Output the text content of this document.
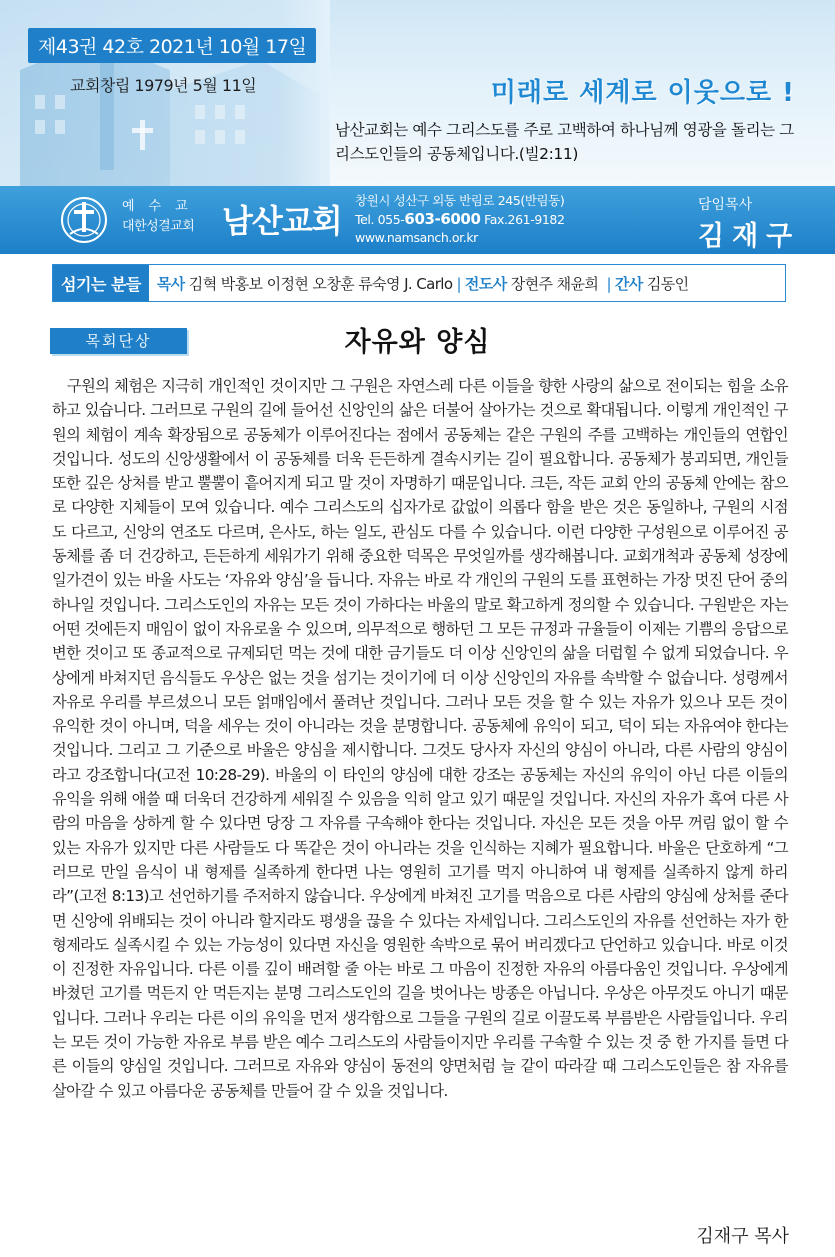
제43권 42호 2021년 10월 17일
교회창립 1979년 5월 11일	미래로 세계로 이웃으로 !
남산교회는 예수 그리스도를 주로 고백하여 하나님께 영광을 돌리는 그리스도인들의 공동체입니다.(빌2:11)
예수교
대한성결교회 남산교회
창원시 성산구 외동 반림로 245(반림동)
Tel. 055-603-6000 Fax.261-9182
www.namsanch.or.kr
담임목사
김재구
섬기는 분들	목사 김혁 박홍보 이정현 오창훈 류숙영 J. Carlo | 전도사 장현주 채윤희 | 간사 김동인
목회단상	자유와 양심

구원의 체험은 지극히 개인적인 것이지만 그 구원은 자연스레 다른 이들을 향한 사랑의 삶으로 전이되는 힘을 소유하고 있습니다. 그러므로 구원의 길에 들어선 신앙인의 삶은 더불어 살아가는 것으로 확대됩니다. 이렇게 개인적인 구원의 체험이 계속 확장됨으로 공동체가 이루어진다는 점에서 공동체는 같은 구원의 주를 고백하는 개인들의 연합인 것입니다. 성도의 신앙생활에서 이 공동체를 더욱 든든하게 결속시키는 길이 필요합니다. 공동체가 붕괴되면, 개인들 또한 깊은 상처를 받고 뿔뿔이 흩어지게 되고 말 것이 자명하기 때문입니다. 크든, 작든 교회 안의 공동체 안에는 참으로 다양한 지체들이 모여 있습니다. 예수 그리스도의 십자가로 값없이 의롭다 함을 받은 것은 동일하나, 구원의 시점도 다르고, 신앙의 연조도 다르며, 은사도, 하는 일도, 관심도 다를 수 있습니다. 이런 다양한 구성원으로 이루어진 공동체를 좀 더 건강하고, 든든하게 세워가기 위해 중요한 덕목은 무엇일까를 생각해봅니다. 교회개척과 공동체 성장에 일가견이 있는 바울 사도는 ‘자유와 양심’을 듭니다. 자유는 바로 각 개인의 구원의 도를 표현하는 가장 멋진 단어 중의 하나일 것입니다. 그리스도인의 자유는 모든 것이 가하다는 바울의 말로 확고하게 정의할 수 있습니다. 구원받은 자는 어떤 것에든지 매임이 없이 자유로울 수 있으며, 의무적으로 행하던 그 모든 규정과 규율들이 이제는 기쁨의 응답으로 변한 것이고 또 종교적으로 규제되던 먹는 것에 대한 금기들도 더 이상 신앙인의 삶을 더럽힐 수 없게 되었습니다. 우상에게 바쳐지던 음식들도 우상은 없는 것을 섬기는 것이기에 더 이상 신앙인의 자유를 속박할 수 없습니다. 성령께서 자유로 우리를 부르셨으니 모든 얽매임에서 풀려난 것입니다. 그러나 모든 것을 할 수 있는 자유가 있으나 모든 것이 유익한 것이 아니며, 덕을 세우는 것이 아니라는 것을 분명합니다. 공동체에 유익이 되고, 덕이 되는 자유여야 한다는 것입니다. 그리고 그 기준으로 바울은 양심을 제시합니다. 그것도 당사자 자신의 양심이 아니라, 다른 사람의 양심이라고 강조합니다(고전 10:28-29). 바울의 이 타인의 양심에 대한 강조는 공동체는 자신의 유익이 아닌 다른 이들의 유익을 위해 애쓸 때 더욱더 건강하게 세워질 수 있음을 익히 알고 있기 때문일 것입니다. 자신의 자유가 혹여 다른 사람의 마음을 상하게 할 수 있다면 당장 그 자유를 구속해야 한다는 것입니다. 자신은 모든 것을 아무 꺼림 없이 할 수 있는 자유가 있지만 다른 사람들도 다 똑같은 것이 아니라는 것을 인식하는 지혜가 필요합니다. 바울은 단호하게 “그러므로 만일 음식이 내 형제를 실족하게 한다면 나는 영원히 고기를 먹지 아니하여 내 형제를 실족하지 않게 하리라”(고전 8:13)고 선언하기를 주저하지 않습니다. 우상에게 바쳐진 고기를 먹음으로 다른 사람의 양심에 상처를 준다면 신앙에 위배되는 것이 아니라 할지라도 평생을 끊을 수 있다는 자세입니다. 그리스도인의 자유를 선언하는 자가 한 형제라도 실족시킬 수 있는 가능성이 있다면 자신을 영원한 속박으로 묶어 버리겠다고 단언하고 있습니다. 바로 이것이 진정한 자유입니다. 다른 이를 깊이 배려할 줄 아는 바로 그 마음이 진정한 자유의 아름다움인 것입니다. 우상에게 바쳤던 고기를 먹든지 안 먹든지는 분명 그리스도인의 길을 벗어나는 방종은 아닙니다. 우상은 아무것도 아니기 때문입니다. 그러나 우리는 다른 이의 유익을 먼저 생각함으로 그들을 구원의 길로 이끌도록 부름받은 사람들입니다. 우리는 모든 것이 가능한 자유로 부름 받은 예수 그리스도의 사람들이지만 우리를 구속할 수 있는 것 중 한 가지를 들면 다른 이들의 양심일 것입니다. 그러므로 자유와 양심이 동전의 양면처럼 늘 같이 따라갈 때 그리스도인들은 참 자유를 살아갈 수 있고 아름다운 공동체를 만들어 갈 수 있을 것입니다.

김재구 목사
